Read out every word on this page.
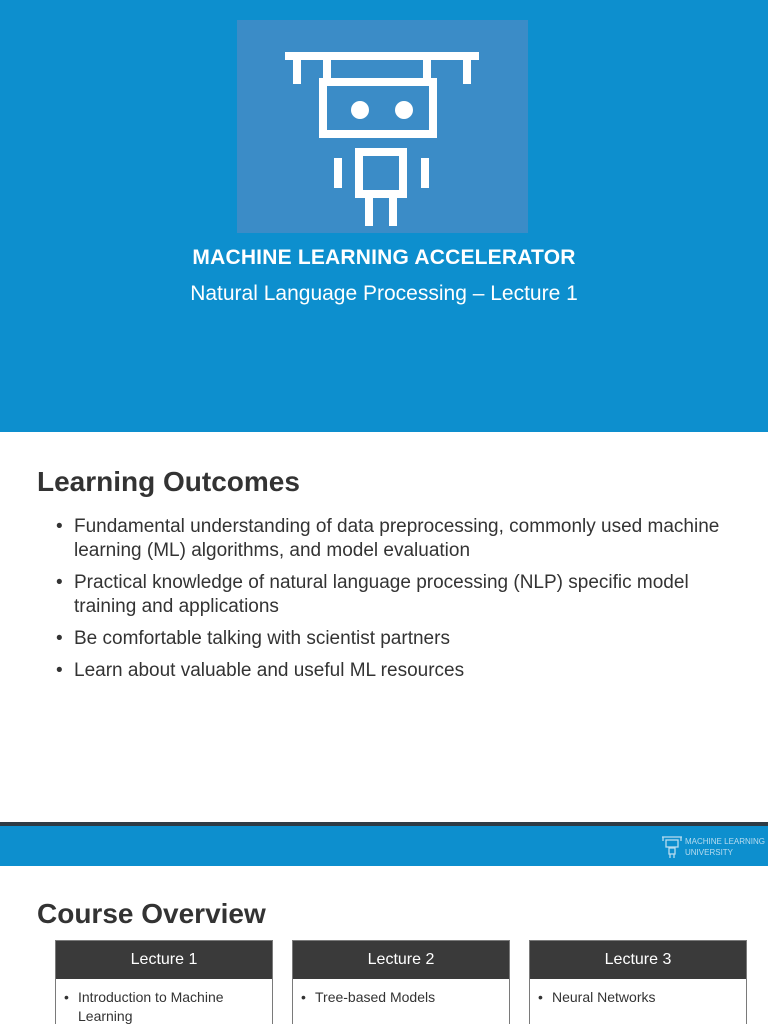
MACHINE LEARNING ACCELERATOR
Natural Language Processing – Lecture 1
Learning Outcomes
• Fundamental understanding of data preprocessing, commonly used machine learning (ML) algorithms, and model evaluation
• Practical knowledge of natural language processing (NLP) specific model training and applications
• Be comfortable talking with scientist partners
• Learn about valuable and useful ML resources
MACHINE LEARNING
UNIVERSITY
Course Overview
Lecture 1
• Introduction to Machine Learning
Lecture 2
• Tree-based Models
Lecture 3
• Neural Networks
